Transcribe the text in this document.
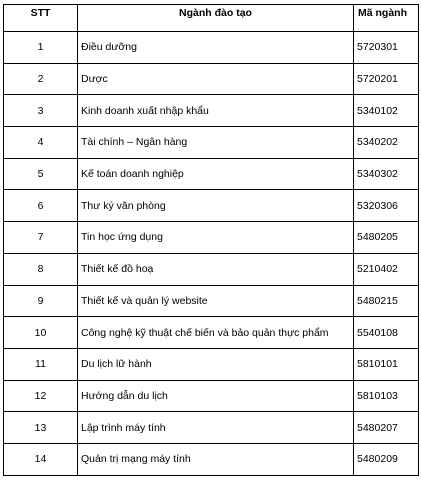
STT	Ngành đào tạo	Mã ngành
1	Điều dưỡng	5720301
2	Dược	5720201
3	Kinh doanh xuất nhập khẩu	5340102
4	Tài chính – Ngân hàng	5340202
5	Kế toán doanh nghiệp	5340302
6	Thư ký văn phòng	5320306
7	Tin học ứng dụng	5480205
8	Thiết kế đồ hoạ	5210402
9	Thiết kế và quản lý website	5480215
10	Công nghệ kỹ thuật chế biến và bảo quản thực phẩm	5540108
11	Du lịch lữ hành	5810101
12	Hướng dẫn du lịch	5810103
13	Lập trình máy tính	5480207
14	Quản trị mạng máy tính	5480209
